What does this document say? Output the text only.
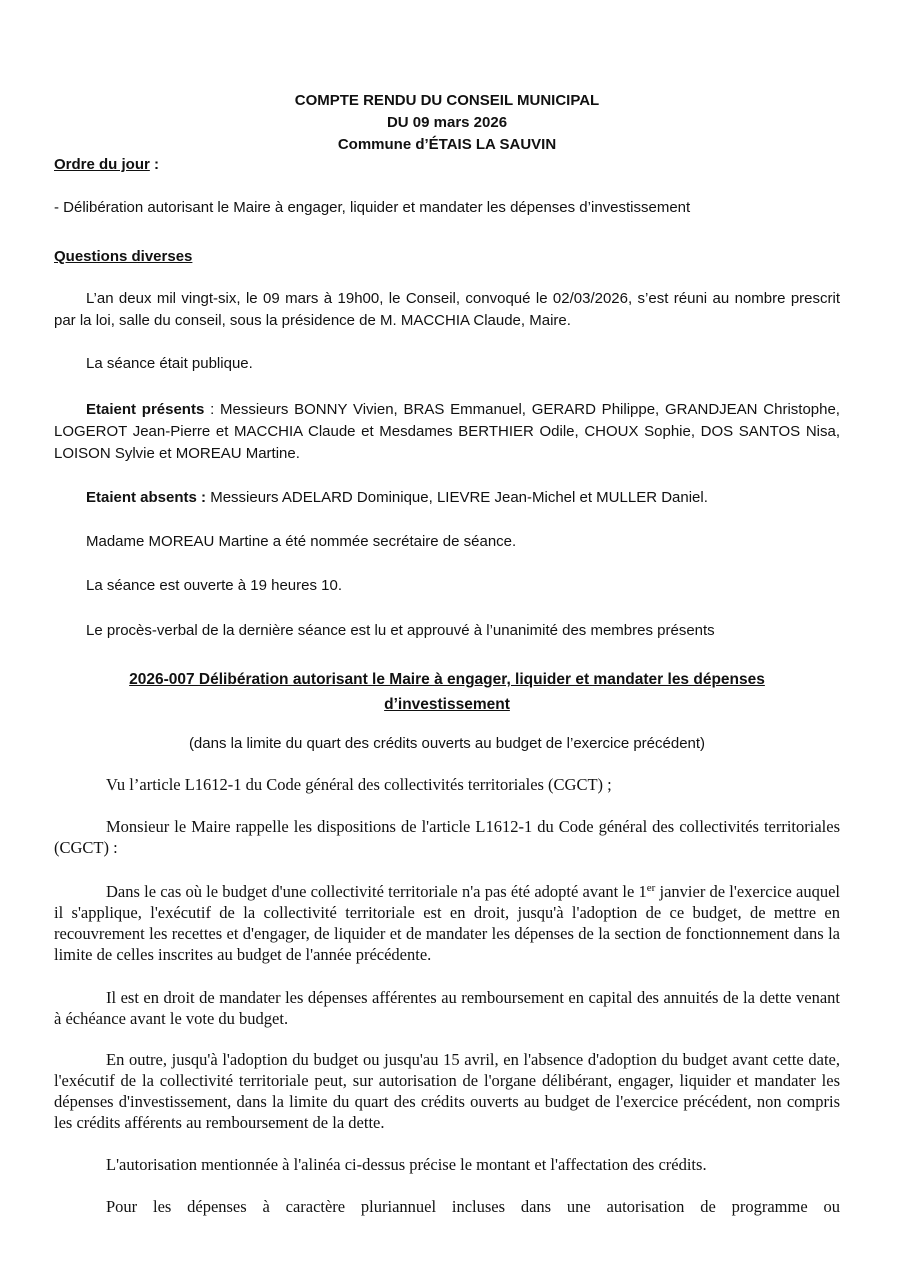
COMPTE RENDU DU CONSEIL MUNICIPAL
DU 09 mars 2026
Commune d’ÉTAIS LA SAUVIN
Ordre du jour :
- Délibération autorisant le Maire à engager, liquider et mandater les dépenses d’investissement
Questions diverses

L’an deux mil vingt-six, le 09 mars à 19h00, le Conseil, convoqué le 02/03/2026, s’est réuni au nombre prescrit par la loi, salle du conseil, sous la présidence de M. MACCHIA Claude, Maire.

La séance était publique.

Etaient présents : Messieurs BONNY Vivien, BRAS Emmanuel, GERARD Philippe, GRANDJEAN Christophe, LOGEROT Jean-Pierre et MACCHIA Claude et Mesdames BERTHIER Odile, CHOUX Sophie, DOS SANTOS Nisa, LOISON Sylvie et MOREAU Martine.

Etaient absents : Messieurs ADELARD Dominique, LIEVRE Jean-Michel et MULLER Daniel.

Madame MOREAU Martine a été nommée secrétaire de séance.

La séance est ouverte à 19 heures 10.

Le procès-verbal de la dernière séance est lu et approuvé à l’unanimité des membres présents

2026-007 Délibération autorisant le Maire à engager, liquider et mandater les dépenses
d’investissement
(dans la limite du quart des crédits ouverts au budget de l’exercice précédent)

Vu l’article L1612-1 du Code général des collectivités territoriales (CGCT) ;

Monsieur le Maire rappelle les dispositions de l'article L1612-1 du Code général des collectivités territoriales (CGCT) :

Dans le cas où le budget d'une collectivité territoriale n'a pas été adopté avant le 1er janvier de l'exercice auquel il s'applique, l'exécutif de la collectivité territoriale est en droit, jusqu'à l'adoption de ce budget, de mettre en recouvrement les recettes et d'engager, de liquider et de mandater les dépenses de la section de fonctionnement dans la limite de celles inscrites au budget de l'année précédente.

Il est en droit de mandater les dépenses afférentes au remboursement en capital des annuités de la dette venant à échéance avant le vote du budget.

En outre, jusqu'à l'adoption du budget ou jusqu'au 15 avril, en l'absence d'adoption du budget avant cette date, l'exécutif de la collectivité territoriale peut, sur autorisation de l'organe délibérant, engager, liquider et mandater les dépenses d'investissement, dans la limite du quart des crédits ouverts au budget de l'exercice précédent, non compris les crédits afférents au remboursement de la dette.

L'autorisation mentionnée à l'alinéa ci-dessus précise le montant et l'affectation des crédits.

Pour les dépenses à caractère pluriannuel incluses dans une autorisation de programme ou
